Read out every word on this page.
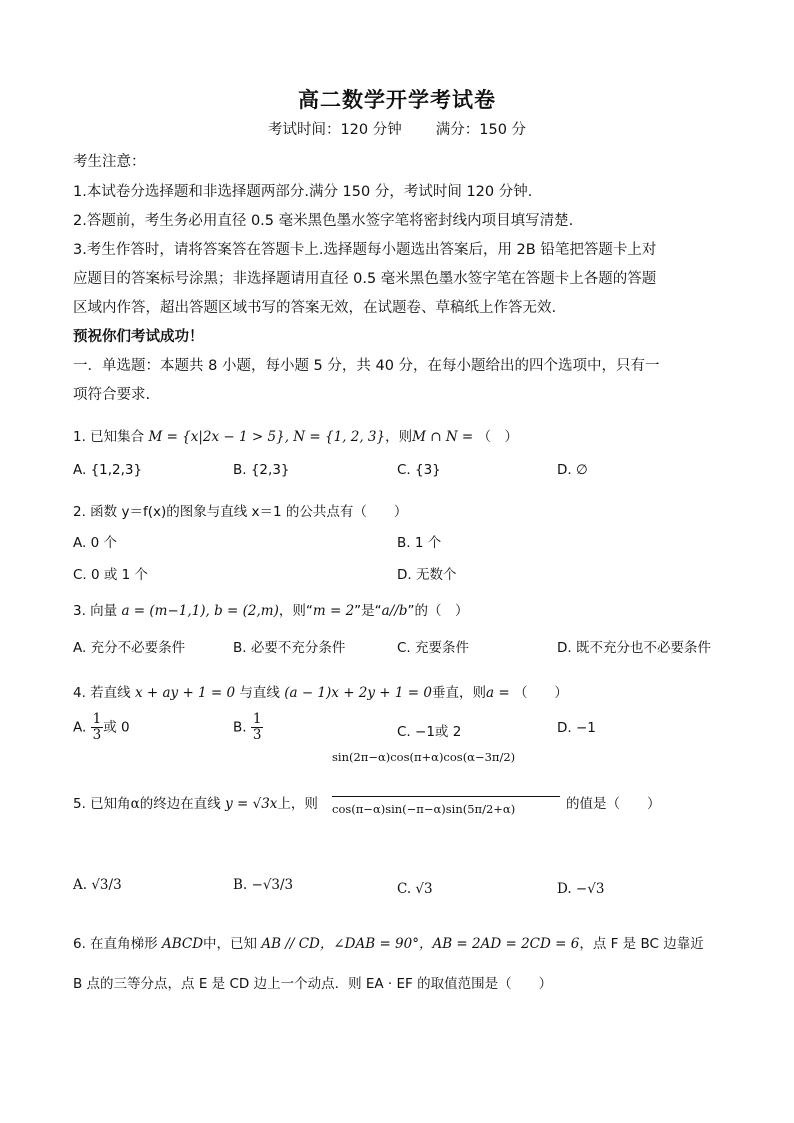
高二数学开学考试卷
考试时间：120 分钟 满分：150 分
考生注意：
1.本试卷分选择题和非选择题两部分.满分 150 分，考试时间 120 分钟.
2.答题前，考生务必用直径 0.5 毫米黑色墨水签字笔将密封线内项目填写清楚.
3.考生作答时，请将答案答在答题卡上.选择题每小题选出答案后，用 2B 铅笔把答题卡上对
应题目的答案标号涂黑；非选择题请用直径 0.5 毫米黑色墨水签字笔在答题卡上各题的答题
区域内作答，超出答题区域书写的答案无效，在试题卷、草稿纸上作答无效.
预祝你们考试成功！
一．单选题：本题共 8 小题，每小题 5 分，共 40 分，在每小题给出的四个选项中，只有一
项符合要求.
1. 已知集合 M = {x|2x − 1 > 5}, N = {1, 2, 3}，则M ∩ N = （　）
A. {1,2,3}	B. {2,3}	C. {3}	D. ∅
2. 函数 y＝f(x)的图象与直线 x＝1 的公共点有（　　）
A. 0 个	B. 1 个
C. 0 或 1 个	D. 无数个
3. 向量 a = (m−1,1), b = (2,m)，则“m = 2”是“a//b”的（　）
A. 充分不必要条件	B. 必要不充分条件	C. 充要条件	D. 既不充分也不必要条件
4. 若直线 x + ay + 1 = 0 与直线 (a − 1)x + 2y + 1 = 0垂直，则a = （　　）
A. $\frac{1}{3}$ 或 0	B. $\frac{1}{3}$	C. −1或 2	D. −1
5. 已知角α的终边在直线 y = √3x上，则
sin(2π−α)cos(π+α)cos(α−3π/2)
cos(π−α)sin(−π−α)sin(5π/2+α)	的值是（　　）
A. √3/3	B. −√3/3	C. √3	D. −√3
6. 在直角梯形 ABCD中，已知 AB // CD，∠DAB = 90°，AB = 2AD = 2CD = 6，点 F 是 BC 边靠近
B 点的三等分点，点 E 是 CD 边上一个动点．则 EA · EF 的取值范围是（　　）
